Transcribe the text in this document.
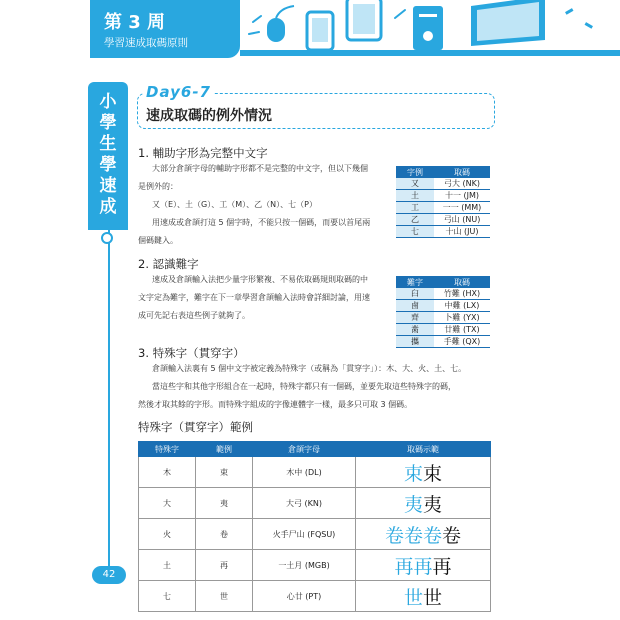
第 3 周
學習速成取碼原則
小
學
生
學
速
成
42
Day6-7
速成取碼的例外情況
1. 輔助字形為完整中文字
大部分倉頡字母的輔助字形都不是完整的中文字，但以下幾個
是例外的：
又（E）、土（G）、工（M）、乙（N）、七（P）
用速成或倉頡打這 5 個字時，不能只按一個碼，而要以首尾兩
個碼鍵入。
字例	取碼
又	弓大 (NK)
土	十一 (JM)
工	一一 (MM)
乙	弓山 (NU)
七	十山 (JU)
2. 認識難字
速成及倉頡輸入法把少量字形繁複、不易依取碼規則取碼的中
文字定為難字，難字在下一章學習倉頡輸入法時會詳細討論，用速
成可先記右表這些例子就夠了。
難字	取碼
臼	竹難 (HX)
鹵	中難 (LX)
齊	卜難 (YX)
黹	廿難 (TX)
攜	手難 (QX)
3. 特殊字（貫穿字）
倉頡輸入法裏有 5 個中文字被定義為特殊字（或稱為「貫穿字」）：木、大、火、土、七。
當這些字和其他字形組合在一起時，特殊字都只有一個碼，並要先取這些特殊字的碼，
然後才取其餘的字形。而特殊字組成的字像連體字一樣，最多只可取 3 個碼。
特殊字（貫穿字）範例
特殊字	範例	倉頡字母	取碼示範
木	束	木中 (DL)	束束
大	夷	大弓 (KN)	夷夷
火	卷	火手尸山 (FQSU)	卷卷卷卷
土	再	一土月 (MGB)	再再再
七	世	心廿 (PT)	世世
